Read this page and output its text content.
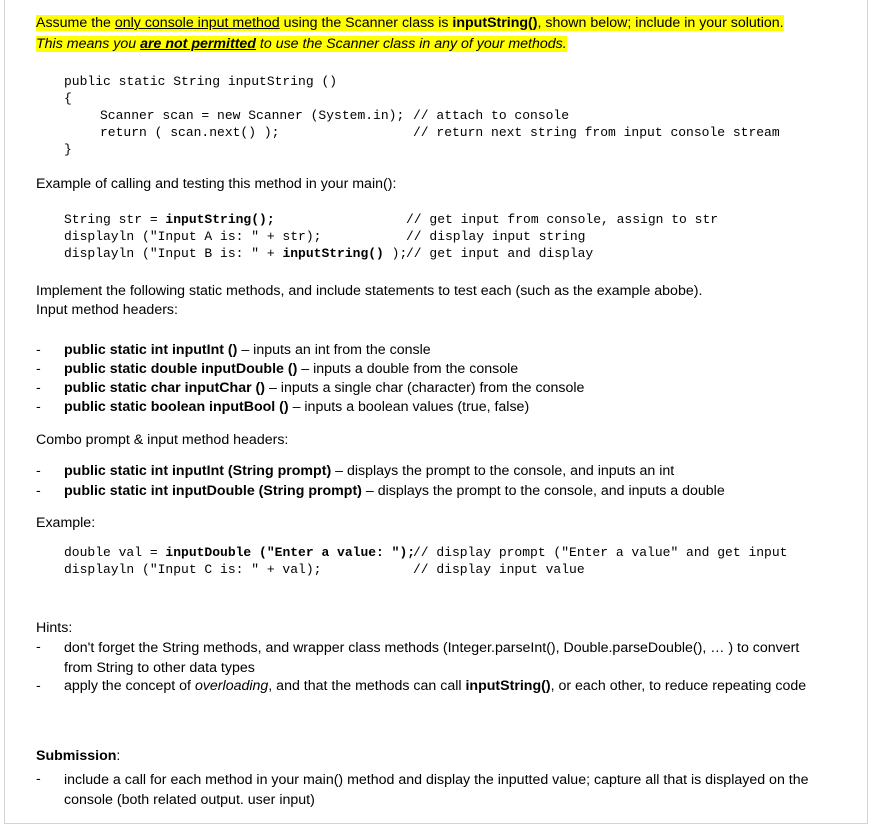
Assume the only console input method using the Scanner class is inputString(), shown below; include in your solution.
This means you are not permitted to use the Scanner class in any of your methods.
public static String inputString ()
{
Scanner scan = new Scanner (System.in); // attach to console
return ( scan.next() );	// return next string from input console stream
}
Example of calling and testing this method in your main():
String str = inputString();	// get input from console, assign to str
displayln ("Input A is: " + str);	// display input string
displayln ("Input B is: " + inputString() );
// get input and display
Implement the following static methods, and include statements to test each (such as the example abobe).
Input method headers:
- public static int inputInt () – inputs an int from the consle
- public static double inputDouble () – inputs a double from the console
- public static char inputChar () – inputs a single char (character) from the console
- public static boolean inputBool () – inputs a boolean values (true, false)
Combo prompt & input method headers:
- public static int inputInt (String prompt) – displays the prompt to the console, and inputs an int
- public static int inputDouble (String prompt) – displays the prompt to the console, and inputs a double
Example:
double val = inputDouble ("Enter a value: ");
// display prompt ("Enter a value" and get input
displayln ("Input C is: " + val);	// display input value
Hints:
- don't forget the String methods, and wrapper class methods (Integer.parseInt(), Double.parseDouble(), … ) to convert from String to other data types
- apply the concept of overloading, and that the methods can call inputString(), or each other, to reduce repeating code
Submission:
- include a call for each method in your main() method and display the inputted value; capture all that is displayed on the console (both related output. user input)
